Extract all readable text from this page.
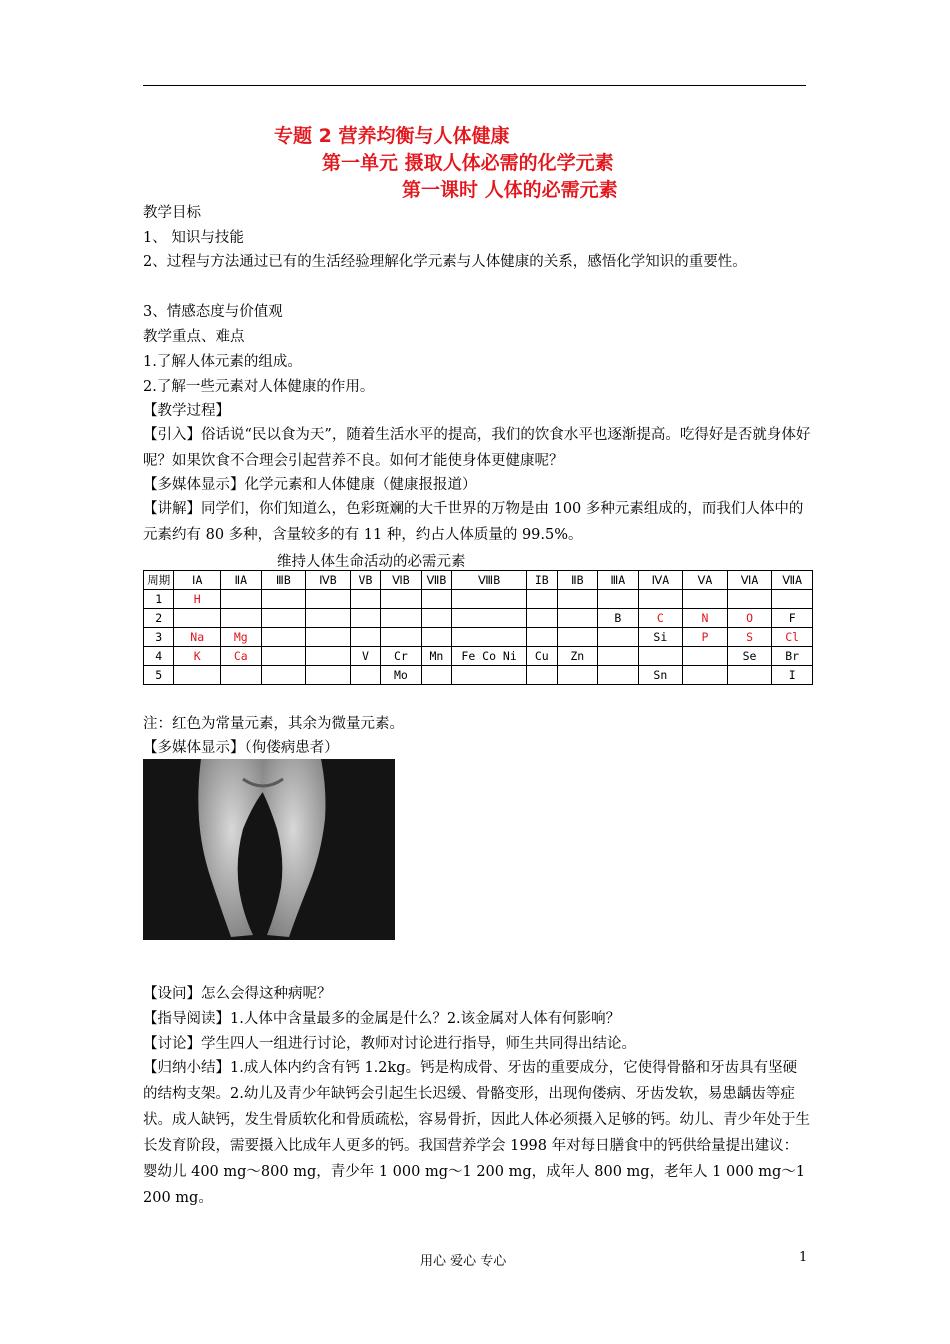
专题 2 营养均衡与人体健康
第一单元 摄取人体必需的化学元素
第一课时 人体的必需元素
教学目标
1、 知识与技能
2、过程与方法通过已有的生活经验理解化学元素与人体健康的关系，感悟化学知识的重要性。
3、情感态度与价值观
教学重点、难点
1.了解人体元素的组成。
2.了解一些元素对人体健康的作用。
【教学过程】
【引入】俗话说“民以食为天”，随着生活水平的提高，我们的饮食水平也逐渐提高。吃得好是否就身体好呢？如果饮食不合理会引起营养不良。如何才能使身体更健康呢？
【多媒体显示】化学元素和人体健康（健康报报道）
【讲解】同学们，你们知道么，色彩斑斓的大千世界的万物是由 100 多种元素组成的，而我们人体中的元素约有 80 多种，含量较多的有 11 种，约占人体质量的 99.5%。
维持人体生命活动的必需元素
周期	ⅠA	ⅡA	ⅢB	ⅣB	VB	ⅥB	ⅦB	ⅧB	IB	ⅡB	ⅢA	ⅣA	ⅤA	ⅥA	ⅦA
1	H														
2											B	C	N	O	F
3	Na	Mg										Si	P	S	Cl
4	K	Ca			V	Cr	Mn	Fe Co Ni	Cu	Zn				Se	Br
5						Mo						Sn			I
注：红色为常量元素，其余为微量元素。
【多媒体显示】（佝偻病患者）
【设问】怎么会得这种病呢？
【指导阅读】1.人体中含量最多的金属是什么？2.该金属对人体有何影响？
【讨论】学生四人一组进行讨论，教师对讨论进行指导，师生共同得出结论。
【归纳小结】1.成人体内约含有钙 1.2kg。钙是构成骨、牙齿的重要成分，它使得骨骼和牙齿具有坚硬的结构支架。2.幼儿及青少年缺钙会引起生长迟缓、骨骼变形，出现佝偻病、牙齿发软，易患龋齿等症状。成人缺钙，发生骨质软化和骨质疏松，容易骨折，因此人体必须摄入足够的钙。幼儿、青少年处于生长发育阶段，需要摄入比成年人更多的钙。我国营养学会 1998 年对每日膳食中的钙供给量提出建议：婴幼儿 400 mg～800 mg，青少年 1 000 mg～1 200 mg，成年人 800 mg，老年人 1 000 mg～1 200 mg。
用心 爱心 专心	1
